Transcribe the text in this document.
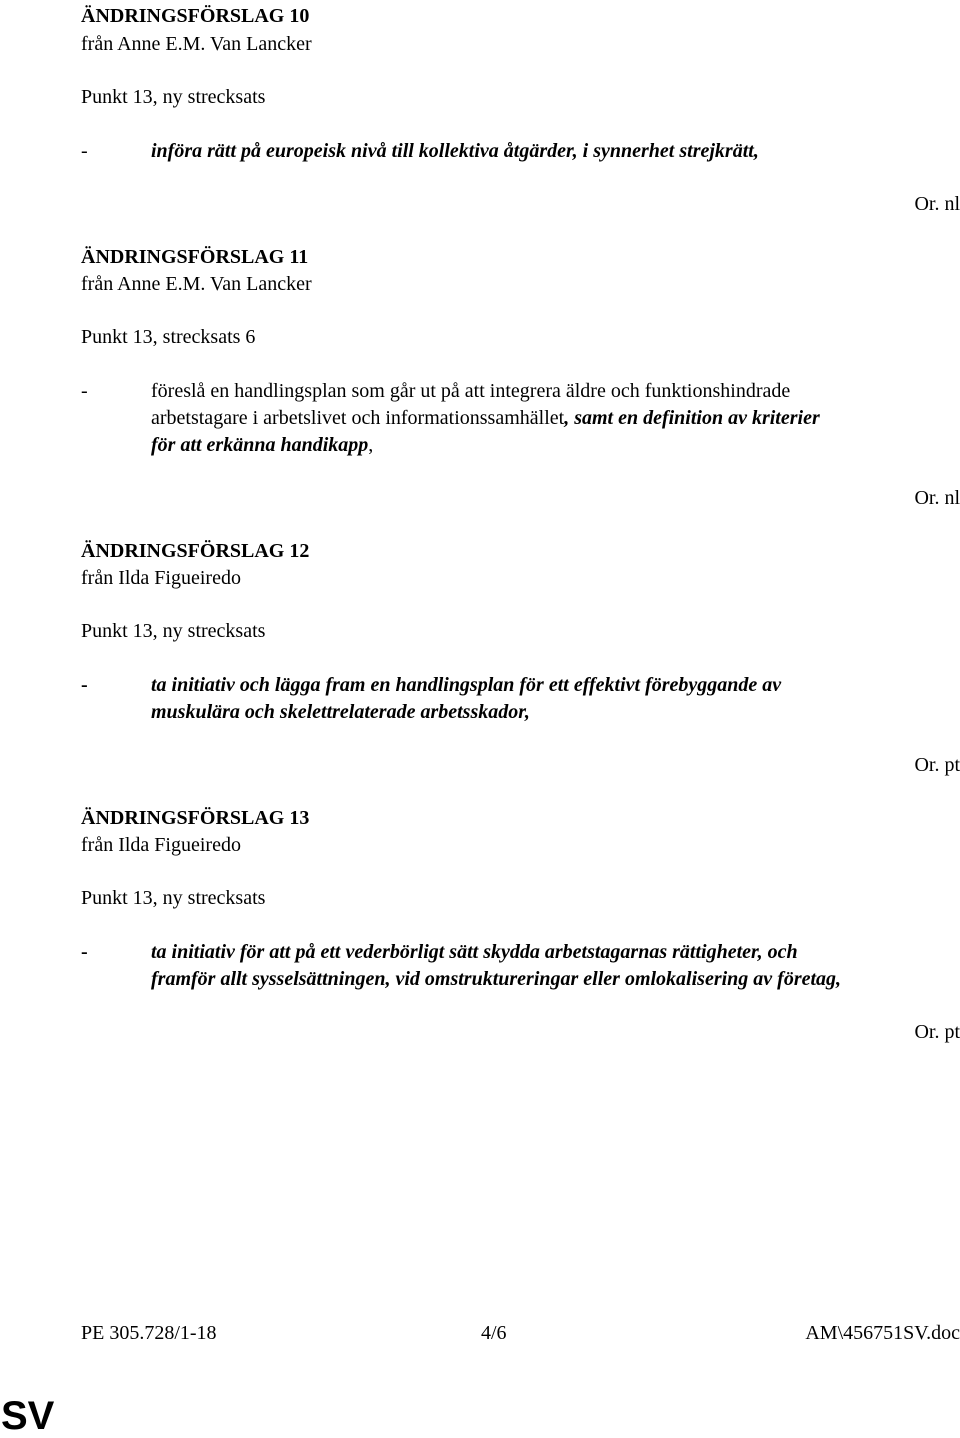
ÄNDRINGSFÖRSLAG 10
från Anne E.M. Van Lancker
Punkt 13, ny strecksats
-	införa rätt på europeisk nivå till kollektiva åtgärder, i synnerhet strejkrätt,
Or. nl
ÄNDRINGSFÖRSLAG 11
från Anne E.M. Van Lancker
Punkt 13, strecksats 6
-	föreslå en handlingsplan som går ut på att integrera äldre och funktionshindrade
arbetstagare i arbetslivet och informationssamhället, samt en definition av kriterier
för att erkänna handikapp,
Or. nl
ÄNDRINGSFÖRSLAG 12
från Ilda Figueiredo
Punkt 13, ny strecksats
-	ta initiativ och lägga fram en handlingsplan för ett effektivt förebyggande av
muskulära och skelettrelaterade arbetsskador,
Or. pt
ÄNDRINGSFÖRSLAG 13
från Ilda Figueiredo
Punkt 13, ny strecksats
-	ta initiativ för att på ett vederbörligt sätt skydda arbetstagarnas rättigheter, och
framför allt sysselsättningen, vid omstruktureringar eller omlokalisering av företag,
Or. pt
PE 305.728/1-18	4/6	AM\456751SV.doc
SV
